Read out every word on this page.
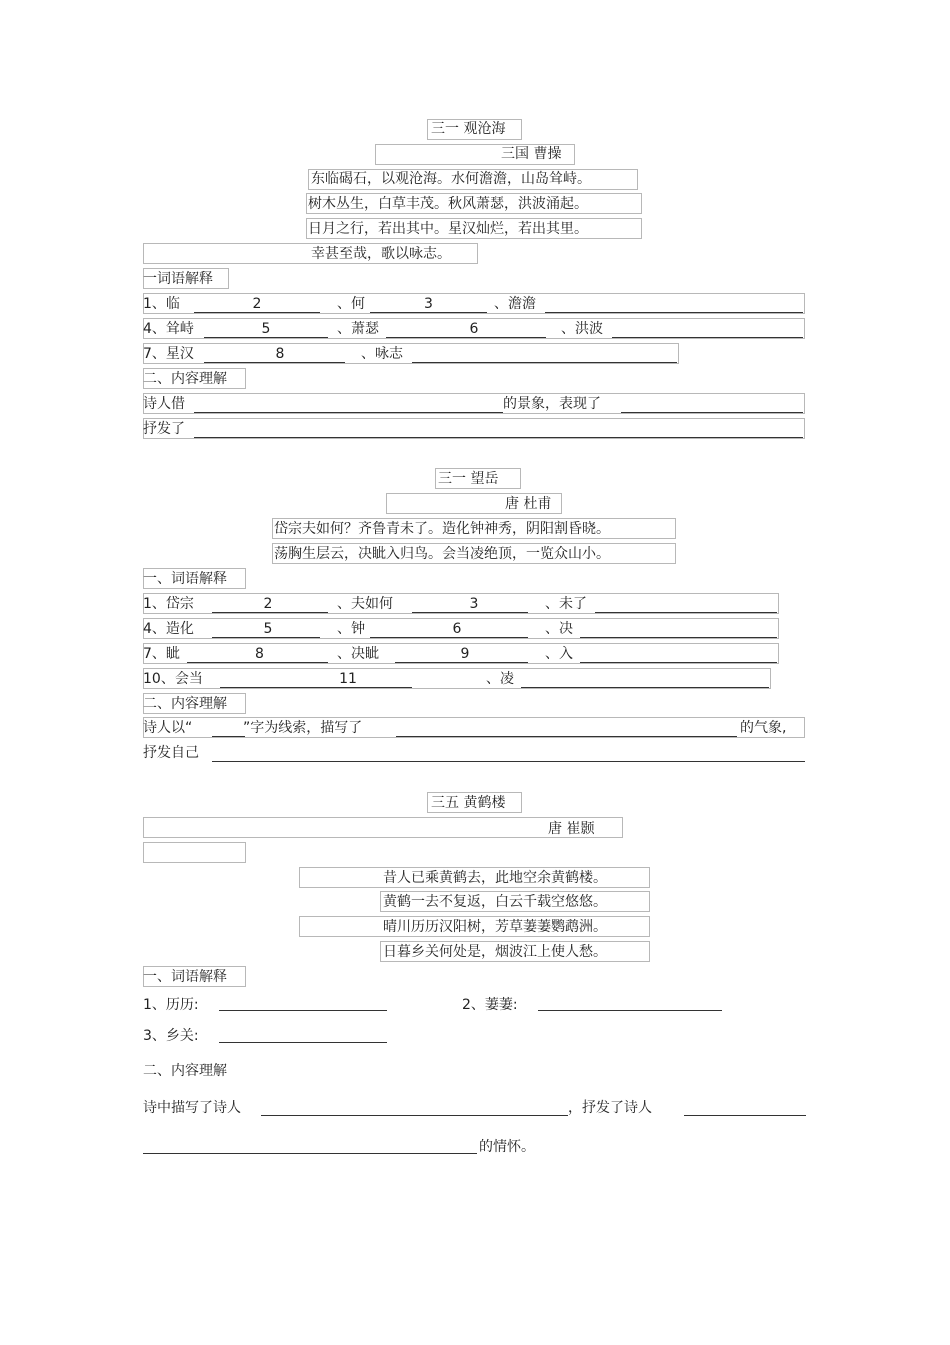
三一 观沧海
三国 曹操
东临碣石，以观沧海。水何澹澹，山岛耸峙。
树木丛生，白草丰茂。秋风萧瑟，洪波涌起。
日月之行，若出其中。星汉灿烂，若出其里。
幸甚至哉，歌以咏志。
一词语解释
1、临	2	、何	3	、澹澹
4、耸峙	5	、萧瑟	6	、洪波
7、星汉	8	、咏志
二、内容理解
诗人借	的景象，表现了
抒发了
三一 望岳
唐 杜甫
岱宗夫如何？齐鲁青未了。造化钟神秀，阴阳割昏晓。
荡胸生层云，决眦入归鸟。会当凌绝顶，一览众山小。
一、词语解释
1、岱宗	2	、夫如何	3	、未了
4、造化	5	、钟	6	、决
7、眦	8	、决眦	9	、入
10、会当	11	、凌
二、内容理解
诗人以“	”字为线索，描写了	的气象,
抒发自己
三五 黄鹤楼
唐 崔颢
昔人已乘黄鹤去，此地空余黄鹤楼。
黄鹤一去不复返，白云千载空悠悠。
晴川历历汉阳树，芳草萋萋鹦鹉洲。
日暮乡关何处是，烟波江上使人愁。
一、词语解释
1、历历:	2、萋萋:
3、乡关:
二、内容理解
诗中描写了诗人	，抒发了诗人
的情怀。
